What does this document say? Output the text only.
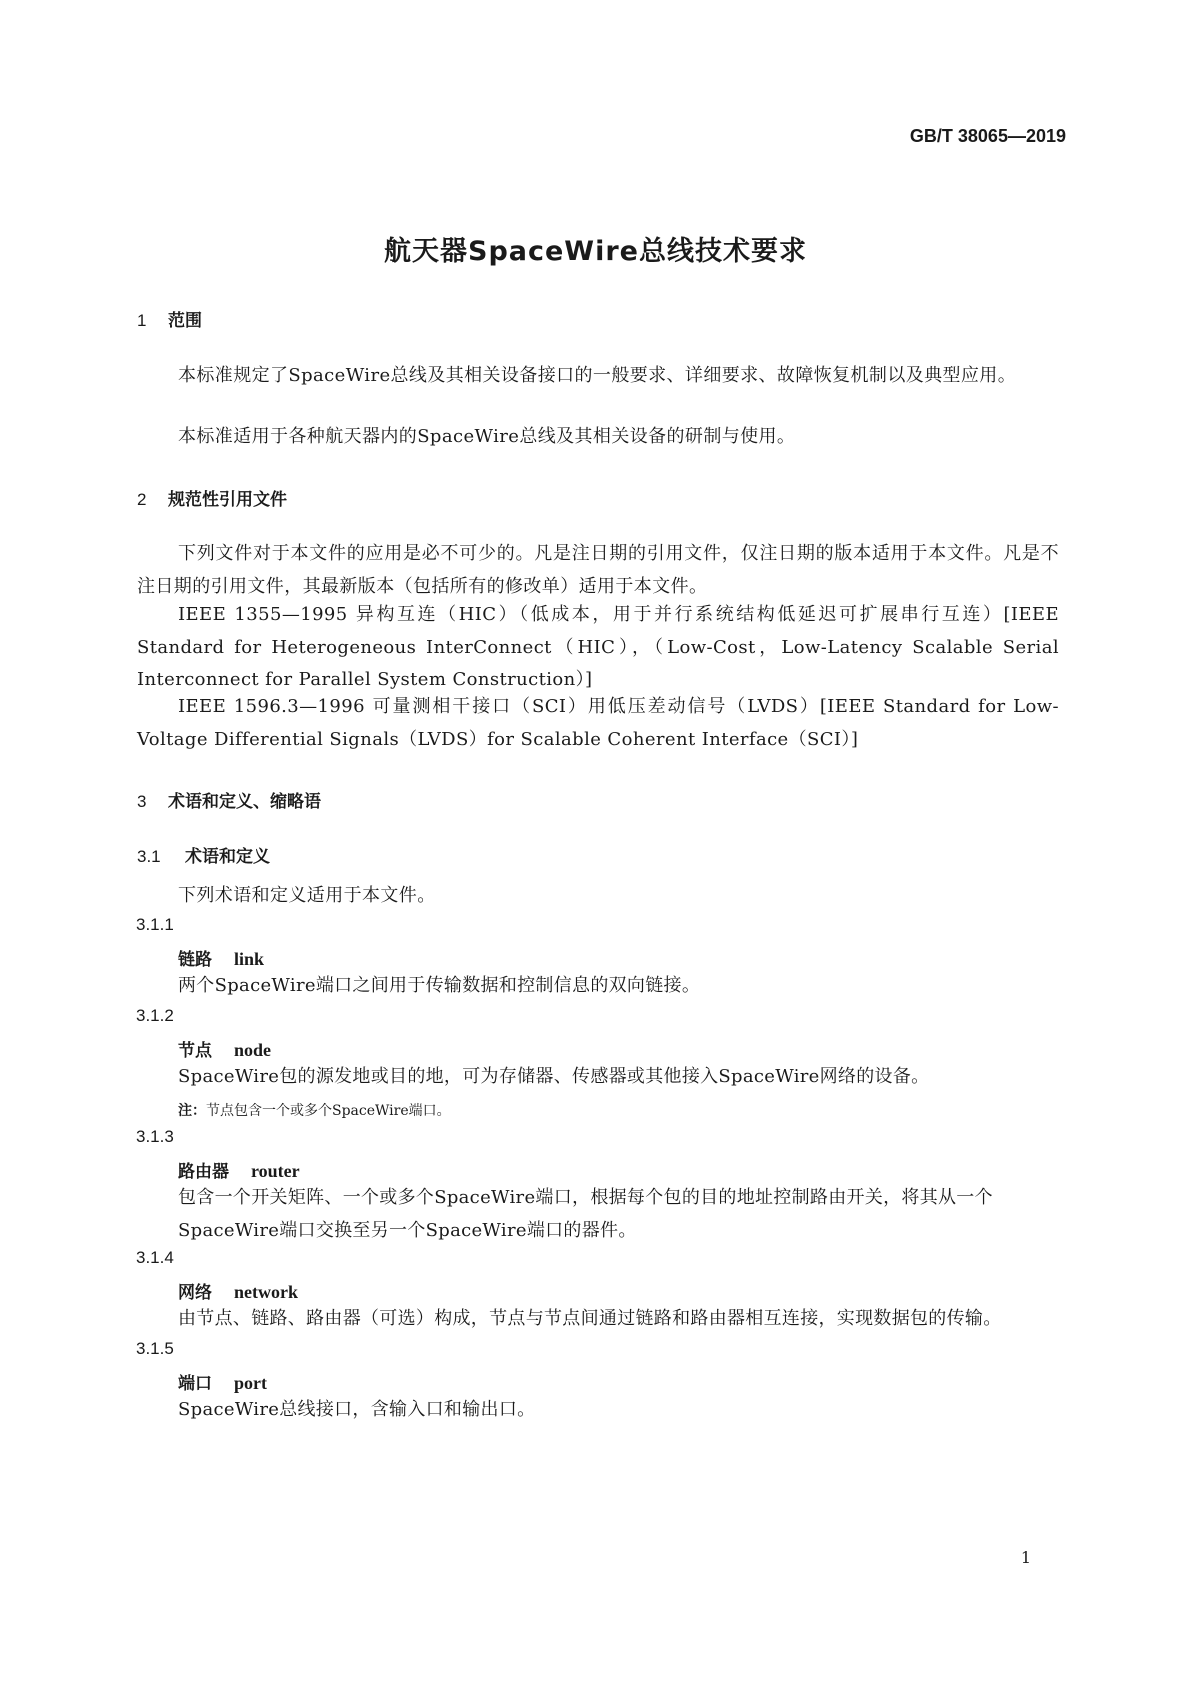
GB/T 38065—2019
航天器SpaceWire总线技术要求
1 范围
本标准规定了SpaceWire总线及其相关设备接口的一般要求、详细要求、故障恢复机制以及典型应用。
本标准适用于各种航天器内的SpaceWire总线及其相关设备的研制与使用。
2 规范性引用文件
下列文件对于本文件的应用是必不可少的。凡是注日期的引用文件，仅注日期的版本适用于本文件。凡是不注日期的引用文件，其最新版本（包括所有的修改单）适用于本文件。
IEEE 1355—1995 异构互连（HIC）（低成本，用于并行系统结构低延迟可扩展串行互连）[IEEE Standard for Heterogeneous InterConnect（HIC），（Low-Cost，Low-Latency Scalable Serial Interconnect for Parallel System Construction）]
IEEE 1596.3—1996 可量测相干接口（SCI）用低压差动信号（LVDS）[IEEE Standard for Low-Voltage Differential Signals（LVDS）for Scalable Coherent Interface（SCI）]
3 术语和定义、缩略语
3.1 术语和定义
下列术语和定义适用于本文件。
3.1.1
链路 link
两个SpaceWire端口之间用于传输数据和控制信息的双向链接。
3.1.2
节点 node
SpaceWire包的源发地或目的地，可为存储器、传感器或其他接入SpaceWire网络的设备。
注：节点包含一个或多个SpaceWire端口。
3.1.3
路由器 router
包含一个开关矩阵、一个或多个SpaceWire端口，根据每个包的目的地址控制路由开关，将其从一个SpaceWire端口交换至另一个SpaceWire端口的器件。
3.1.4
网络 network
由节点、链路、路由器（可选）构成，节点与节点间通过链路和路由器相互连接，实现数据包的传输。
3.1.5
端口 port
SpaceWire总线接口，含输入口和输出口。
1
